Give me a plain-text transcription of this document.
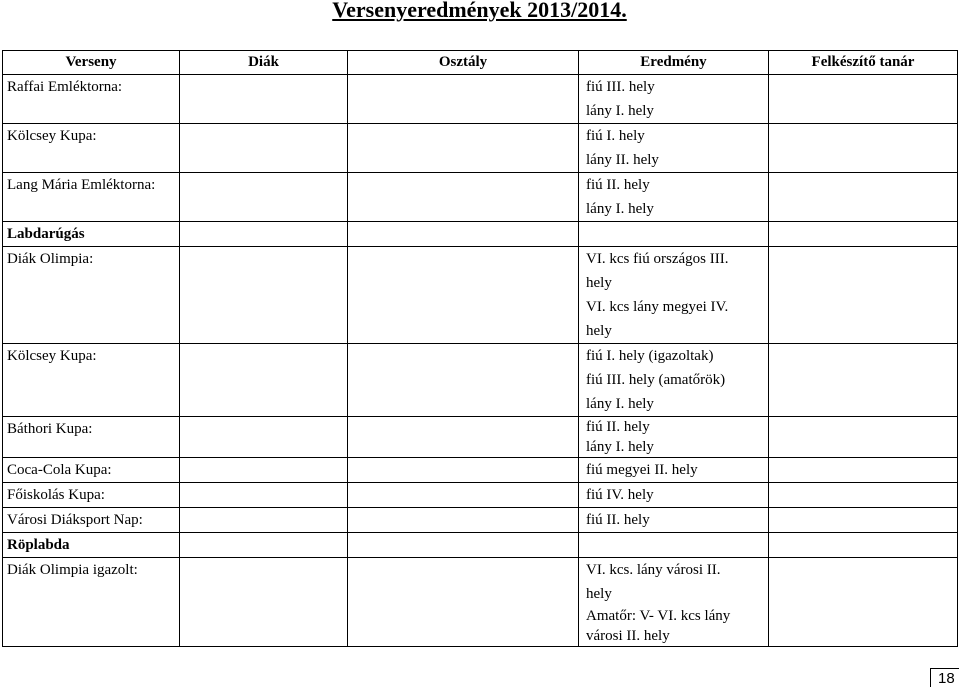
Versenyeredmények 2013/2014.
Verseny	Diák	Osztály	Eredmény	Felkészítő tanár

Raffai Emléktorna:			fiú III. hely
lány I. hely	

Kölcsey Kupa:			fiú I. hely
lány II. hely	

Lang Mária Emléktorna:			fiú II. hely
lány I. hely	

Labdarúgás				

Diák Olimpia:			VI. kcs fiú országos III.
hely
VI. kcs lány megyei IV.
hely	

Kölcsey Kupa:			fiú I. hely (igazoltak)
fiú III. hely (amatőrök)
lány I. hely	

Báthori Kupa:			fiú II. hely
lány I. hely	

Coca-Cola Kupa:			fiú megyei II. hely	

Főiskolás Kupa:			fiú IV. hely	

Városi Diáksport Nap:			fiú II. hely	

Röplabda				

Diák Olimpia igazolt:			VI. kcs. lány városi II.
hely
Amatőr: V- VI. kcs lány
városi II. hely	

18
